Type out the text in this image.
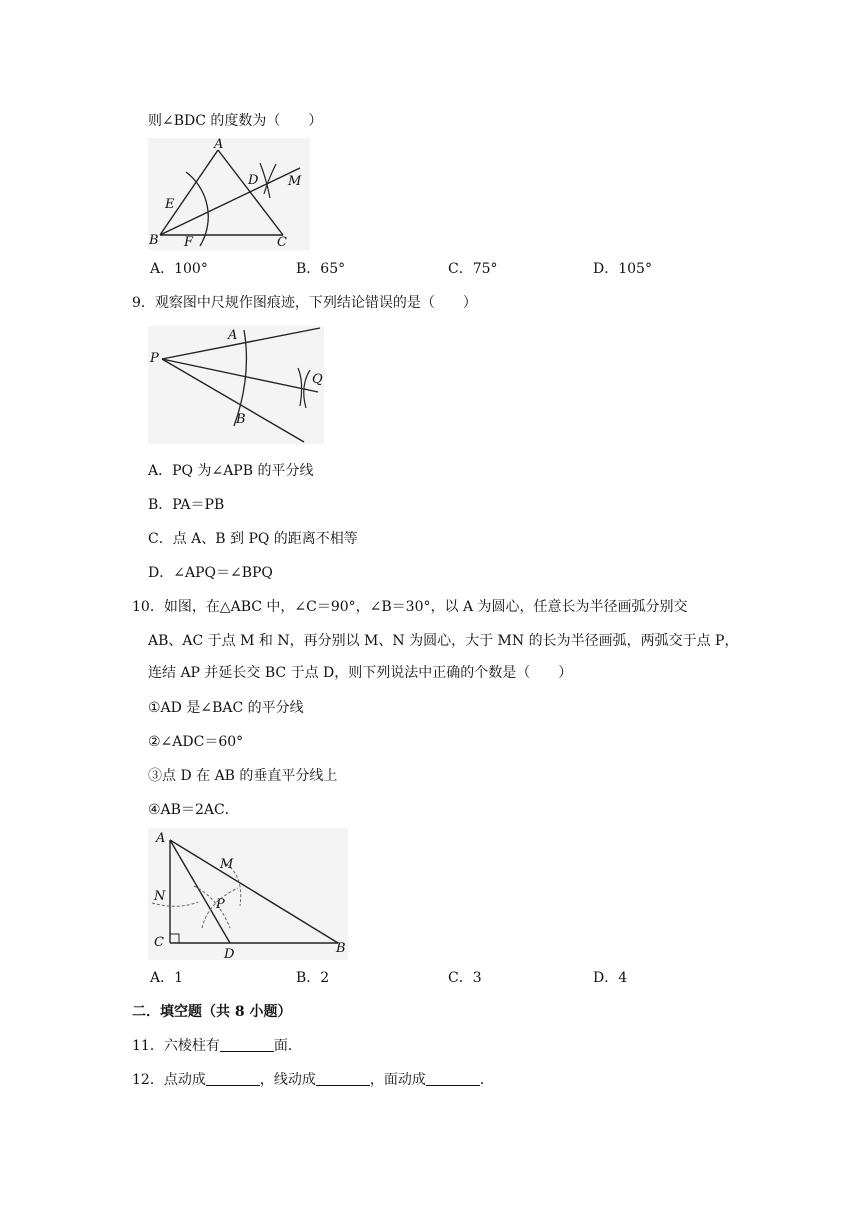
则∠BDC 的度数为（　　）
A
B	C
D
E
F
M
A．100°	B．65°	C．75°	D．105°
9．观察图中尺规作图痕迹，下列结论错误的是（　　）
P
A
B
Q
A．PQ 为∠APB 的平分线
B．PA＝PB
C．点 A、B 到 PQ 的距离不相等
D．∠APQ＝∠BPQ
10．如图，在△ABC 中，∠C＝90°，∠B＝30°，以 A 为圆心，任意长为半径画弧分别交
AB、AC 于点 M 和 N，再分别以 M、N 为圆心，大于 MN 的长为半径画弧，两弧交于点 P，
连结 AP 并延长交 BC 于点 D，则下列说法中正确的个数是（　　）
①AD 是∠BAC 的平分线
②∠ADC＝60°
③点 D 在 AB 的垂直平分线上
④AB＝2AC．
A
M
N
P
C
D	B
A．1	B．2	C．3	D．4
二．填空题（共 8 小题）
11．六棱柱有	面．
12．点动成	，线动成	，面动成	．
